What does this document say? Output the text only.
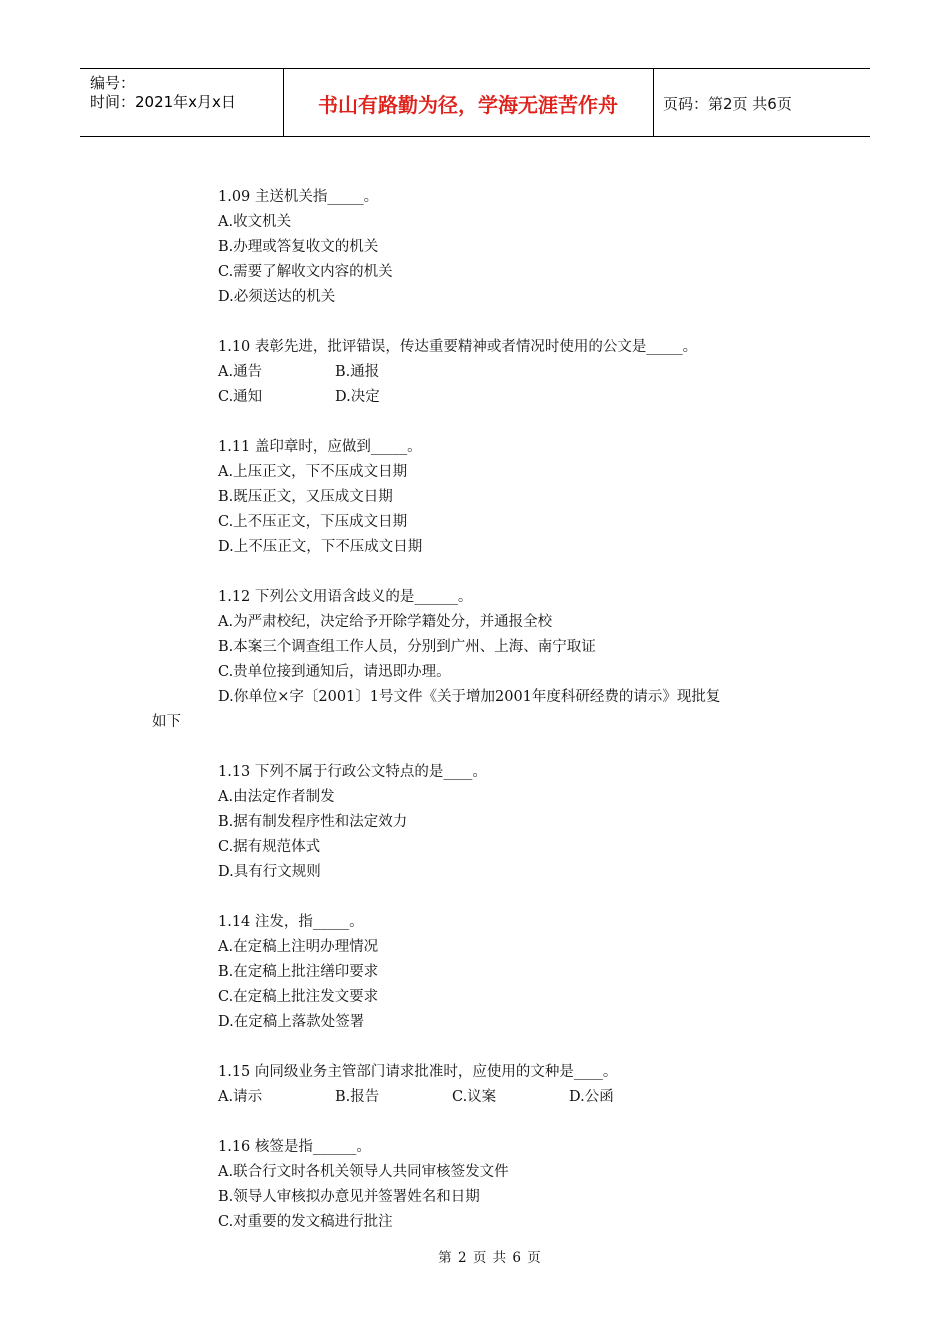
编号：
时间：2021年x月x日	书山有路勤为径，学海无涯苦作舟	页码：第2页 共6页
1.09 主送机关指_____。
A.收文机关
B.办理或答复收文的机关
C.需要了解收文内容的机关
D.必须送达的机关
1.10 表彰先进，批评错误，传达重要精神或者情况时使用的公文是_____。
A.通告	B.通报
C.通知	D.决定
1.11 盖印章时，应做到_____。
A.上压正文，下不压成文日期
B.既压正文，又压成文日期
C.上不压正文，下压成文日期
D.上不压正文，下不压成文日期
1.12 下列公文用语含歧义的是______。
A.为严肃校纪，决定给予开除学籍处分，并通报全校
B.本案三个调查组工作人员，分别到广州、上海、南宁取证
C.贵单位接到通知后，请迅即办理。
D.你单位×字〔2001〕1号文件《关于增加2001年度科研经费的请示》现批复
如下
1.13 下列不属于行政公文特点的是____。
A.由法定作者制发
B.据有制发程序性和法定效力
C.据有规范体式
D.具有行文规则
1.14 注发，指_____。
A.在定稿上注明办理情况
B.在定稿上批注缮印要求
C.在定稿上批注发文要求
D.在定稿上落款处签署
1.15 向同级业务主管部门请求批准时，应使用的文种是____。
A.请示	B.报告	C.议案	D.公函
1.16 核签是指______。
A.联合行文时各机关领导人共同审核签发文件
B.领导人审核拟办意见并签署姓名和日期
C.对重要的发文稿进行批注
第 2 页 共 6 页
